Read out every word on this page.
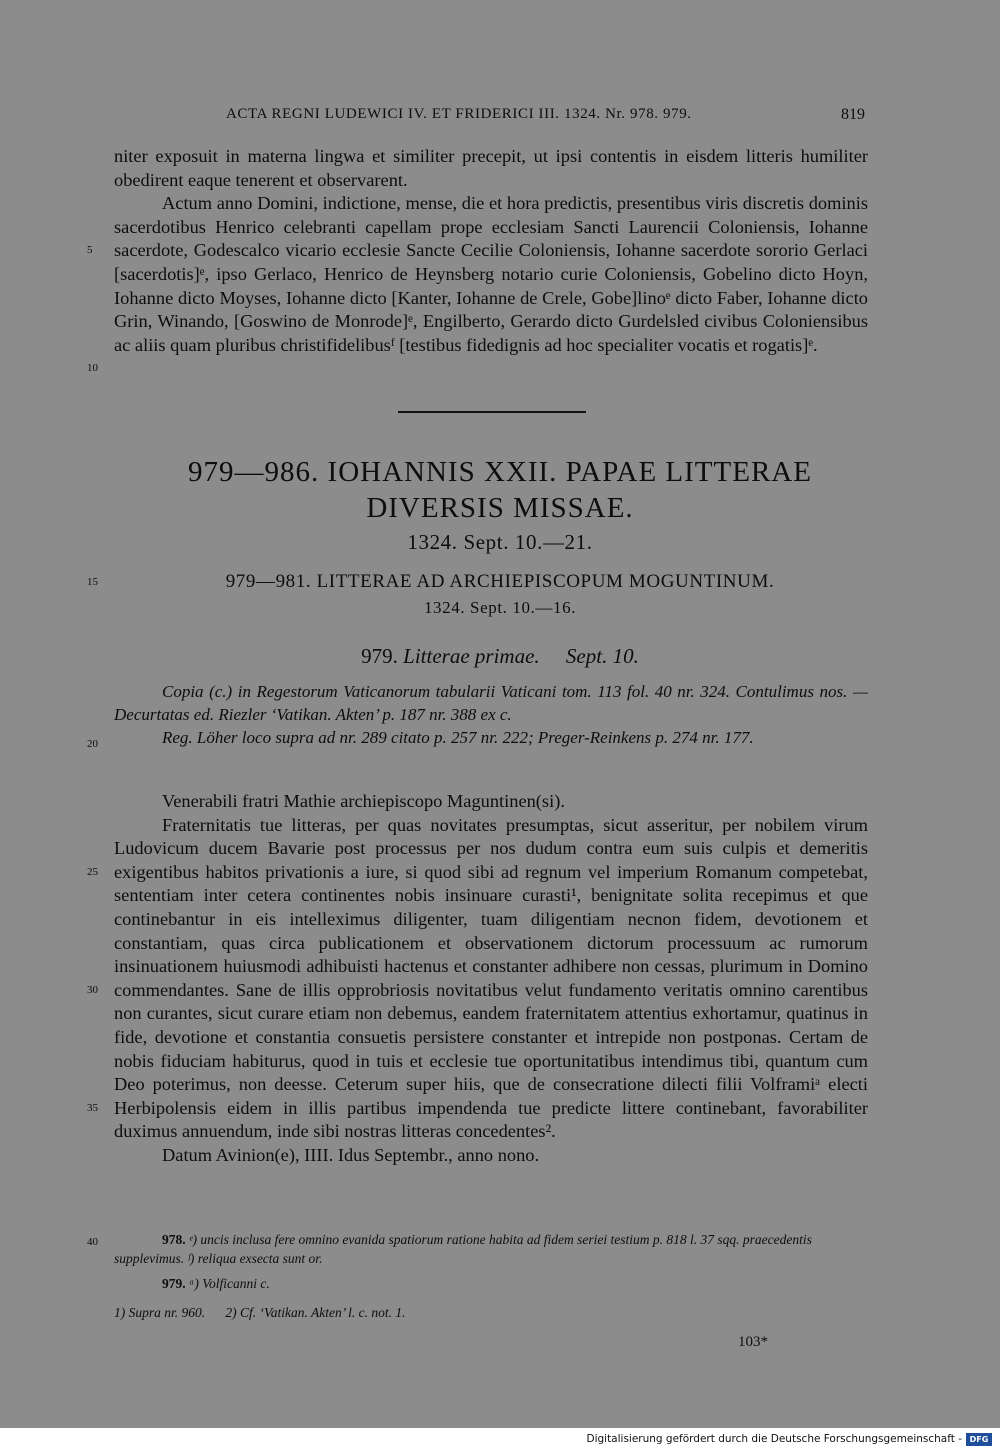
ACTA REGNI LUDEWICI IV. ET FRIDERICI III. 1324. Nr. 978. 979.	819

niter exposuit in materna lingwa et similiter precepit, ut ipsi contentis in eisdem litteris humiliter obedirent eaque tenerent et observarent.

Actum anno Domini, indictione, mense, die et hora predictis, presentibus viris discretis dominis sacerdotibus Henrico celebranti capellam prope ecclesiam Sancti Laurencii Coloniensis, Iohanne sacerdote, Godescalco vicario ecclesie Sancte Cecilie Coloniensis, Iohanne sacerdote sororio Gerlaci [sacerdotis]ᵉ, ipso Gerlaco, Henrico de Heynsberg notario curie Coloniensis, Gobelino dicto Hoyn, Iohanne dicto Moyses, Iohanne dicto [Kanter, Iohanne de Crele, Gobe]linoᵉ dicto Faber, Iohanne dicto Grin, Winando, [Goswino de Monrode]ᵉ, Engilberto, Gerardo dicto Gurdelsled civibus Coloniensibus ac aliis quam pluribus christifidelibusᶠ [testibus fidedignis ad hoc specialiter vocatis et rogatis]ᵉ.

5
10
979—986. IOHANNIS XXII. PAPAE LITTERAE
DIVERSIS MISSAE.
1324. Sept. 10.—21.
15	979—981. LITTERAE AD ARCHIEPISCOPUM MOGUNTINUM.
1324. Sept. 10.—16.
979. Litterae primae. Sept. 10.

Copia (c.) in Regestorum Vaticanorum tabularii Vaticani tom. 113 fol. 40 nr. 324. Contulimus nos. — Decurtatas ed. Riezler ‘Vatikan. Akten’ p. 187 nr. 388 ex c.

Reg. Löher loco supra ad nr. 289 citato p. 257 nr. 222; Preger-Reinkens p. 274 nr. 177.

20

Venerabili fratri Mathie archiepiscopo Maguntinen(si).

Fraternitatis tue litteras, per quas novitates presumptas, sicut asseritur, per nobilem virum Ludovicum ducem Bavarie post processus per nos dudum contra eum suis culpis et demeritis exigentibus habitos privationis a iure, si quod sibi ad regnum vel imperium Romanum competebat, sententiam inter cetera continentes nobis insinuare curasti¹, benignitate solita recepimus et que continebantur in eis intelleximus diligenter, tuam diligentiam necnon fidem, devotionem et constantiam, quas circa publicationem et observationem dictorum processuum ac rumorum insinuationem huiusmodi adhibuisti hactenus et constanter adhibere non cessas, plurimum in Domino commendantes. Sane de illis opprobriosis novitatibus velut fundamento veritatis omnino carentibus non curantes, sicut curare etiam non debemus, eandem fraternitatem attentius exhortamur, quatinus in fide, devotione et constantia consuetis persistere constanter et intrepide non postponas. Certam de nobis fiduciam habiturus, quod in tuis et ecclesie tue oportunitatibus intendimus tibi, quantum cum Deo poterimus, non deesse. Ceterum super hiis, que de consecratione dilecti filii Volframiᵃ electi Herbipolensis eidem in illis partibus impendenda tue predicte littere continebant, favorabiliter duximus annuendum, inde sibi nostras litteras concedentes².

Datum Avinion(e), IIII. Idus Septembr., anno nono.

25
30
35
40	978. ᵉ) uncis inclusa fere omnino evanida spatiorum ratione habita ad fidem seriei testium p. 818 l. 37 sqq. praecedentis supplevimus. ᶠ) reliqua exsecta sunt or.

979. ᵃ) Volficanni c.

1) Supra nr. 960. 2) Cf. ‘Vatikan. Akten’ l. c. not. 1.

103*
Digitalisierung gefördert durch die Deutsche Forschungsgemeinschaft - DFG
